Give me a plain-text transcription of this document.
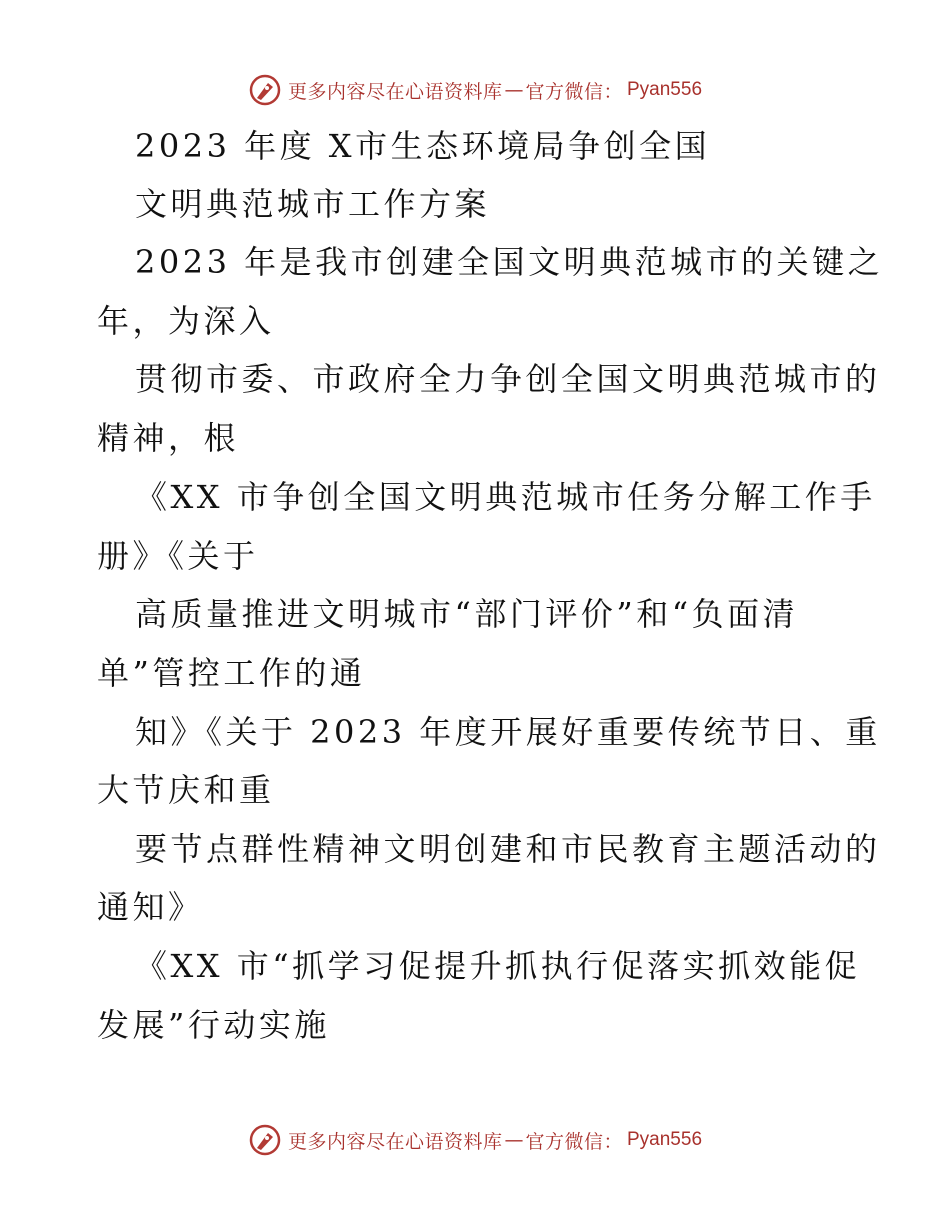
更多内容尽在心语资料库 — 官方微信： Pyan556
2023 年度 X市生态环境局争创全国
文明典范城市工作方案
2023 年是我市创建全国文明典范城市的关键之
年，为深入
贯彻市委、市政府全力争创全国文明典范城市的
精神，根
《XX 市争创全国文明典范城市任务分解工作手
册》《关于
高质量推进文明城市“部门评价”和“负面清
单”管控工作的通
知》《关于 2023 年度开展好重要传统节日、重
大节庆和重
要节点群性精神文明创建和市民教育主题活动的
通知》
《XX 市“抓学习促提升抓执行促落实抓效能促
发展”行动实施
更多内容尽在心语资料库 — 官方微信： Pyan556
